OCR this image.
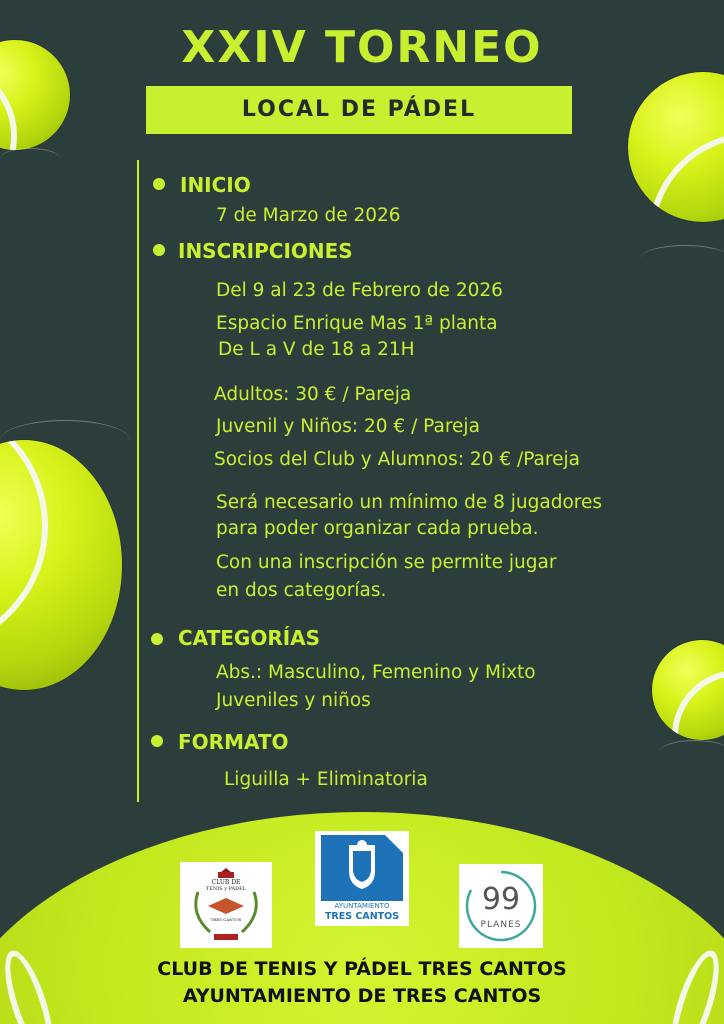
XXIV TORNEO
LOCAL DE PÁDEL
INICIO
7 de Marzo de 2026
INSCRIPCIONES
Del 9 al 23 de Febrero de 2026
Espacio Enrique Mas 1ª planta
De L a V de 18 a 21H
Adultos: 30 € / Pareja
Juvenil y Niños: 20 € / Pareja
Socios del Club y Alumnos: 20 € /Pareja
Será necesario un mínimo de 8 jugadores
para poder organizar cada prueba.
Con una inscripción se permite jugar
en dos categorías.
CATEGORÍAS
Abs.: Masculino, Femenino y Mixto
Juveniles y niños
FORMATO
Liguilla + Eliminatoria
CLUB DE
TENIS y PÁDEL
TRES CANTOS
AYUNTAMIENTO
TRES CANTOS	99
PLANES
CLUB DE TENIS Y PÁDEL TRES CANTOS
AYUNTAMIENTO DE TRES CANTOS
